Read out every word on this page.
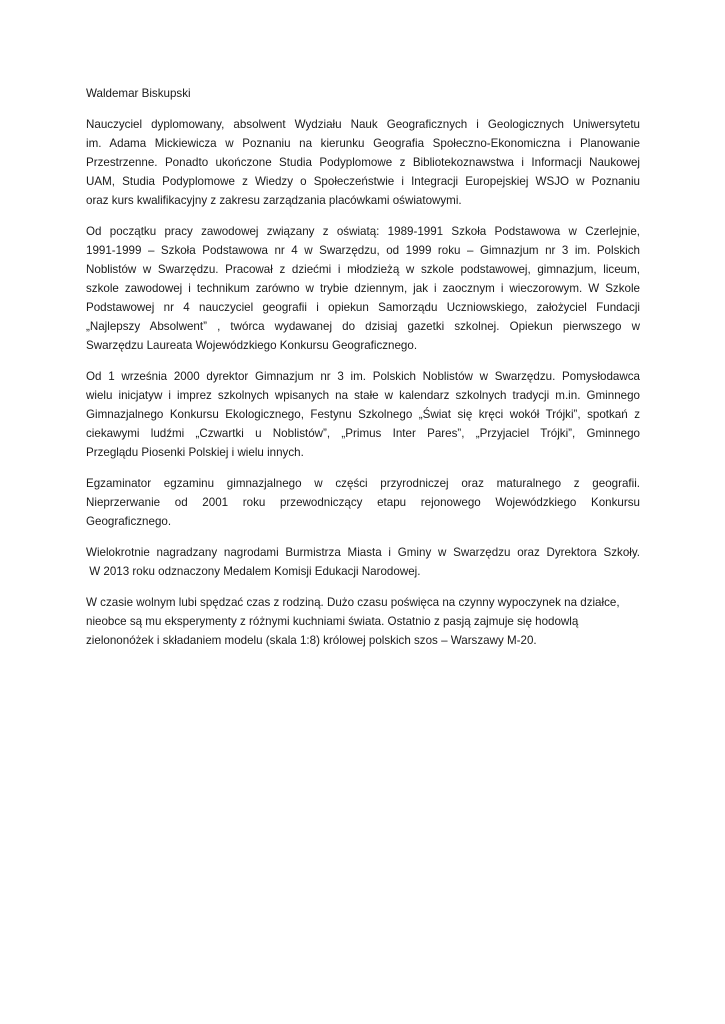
Waldemar Biskupski
Nauczyciel dyplomowany, absolwent Wydziału Nauk Geograficznych i Geologicznych Uniwersytetu
im. Adama Mickiewicza w Poznaniu na kierunku Geografia Społeczno-Ekonomiczna i Planowanie
Przestrzenne. Ponadto ukończone Studia Podyplomowe z Bibliotekoznawstwa i Informacji Naukowej
UAM, Studia Podyplomowe z Wiedzy o Społeczeństwie i Integracji Europejskiej WSJO w Poznaniu
oraz kurs kwalifikacyjny z zakresu zarządzania placówkami oświatowymi.
Od początku pracy zawodowej związany z oświatą: 1989-1991 Szkoła Podstawowa w Czerlejnie,
1991-1999 – Szkoła Podstawowa nr 4 w Swarzędzu, od 1999 roku – Gimnazjum nr 3 im. Polskich
Noblistów w Swarzędzu. Pracował z dziećmi i młodzieżą w szkole podstawowej, gimnazjum, liceum,
szkole zawodowej i technikum zarówno w trybie dziennym, jak i zaocznym i wieczorowym. W Szkole
Podstawowej nr 4 nauczyciel geografii i opiekun Samorządu Uczniowskiego, założyciel Fundacji
„Najlepszy Absolwent” , twórca wydawanej do dzisiaj gazetki szkolnej. Opiekun pierwszego w
Swarzędzu Laureata Wojewódzkiego Konkursu Geograficznego.
Od 1 września 2000 dyrektor Gimnazjum nr 3 im. Polskich Noblistów w Swarzędzu. Pomysłodawca
wielu inicjatyw i imprez szkolnych wpisanych na stałe w kalendarz szkolnych tradycji m.in. Gminnego
Gimnazjalnego Konkursu Ekologicznego, Festynu Szkolnego „Świat się kręci wokół Trójki”, spotkań z
ciekawymi ludźmi „Czwartki u Noblistów”, „Primus Inter Pares”, „Przyjaciel Trójki”, Gminnego
Przeglądu Piosenki Polskiej i wielu innych.
Egzaminator egzaminu gimnazjalnego w części przyrodniczej oraz maturalnego z geografii.
Nieprzerwanie od 2001 roku przewodniczący etapu rejonowego Wojewódzkiego Konkursu
Geograficznego.
Wielokrotnie nagradzany nagrodami Burmistrza Miasta i Gminy w Swarzędzu oraz Dyrektora Szkoły.
W 2013 roku odznaczony Medalem Komisji Edukacji Narodowej.
W czasie wolnym lubi spędzać czas z rodziną. Dużo czasu poświęca na czynny wypoczynek na działce,
nieobce są mu eksperymenty z różnymi kuchniami świata. Ostatnio z pasją zajmuje się hodowlą
zielononóżek i składaniem modelu (skala 1:8) królowej polskich szos – Warszawy M-20.
